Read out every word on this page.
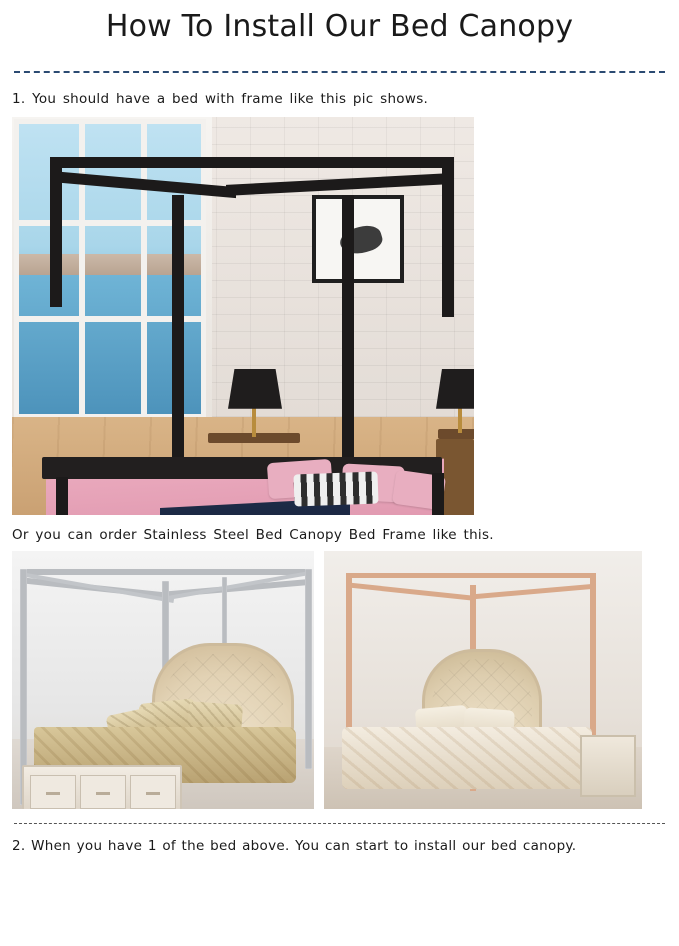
How To Install Our Bed Canopy

1. You should have a bed with frame like this pic shows.

Or you can order Stainless Steel Bed Canopy Bed Frame like this.

2. When you have 1 of the bed above. You can start to install our bed canopy.
